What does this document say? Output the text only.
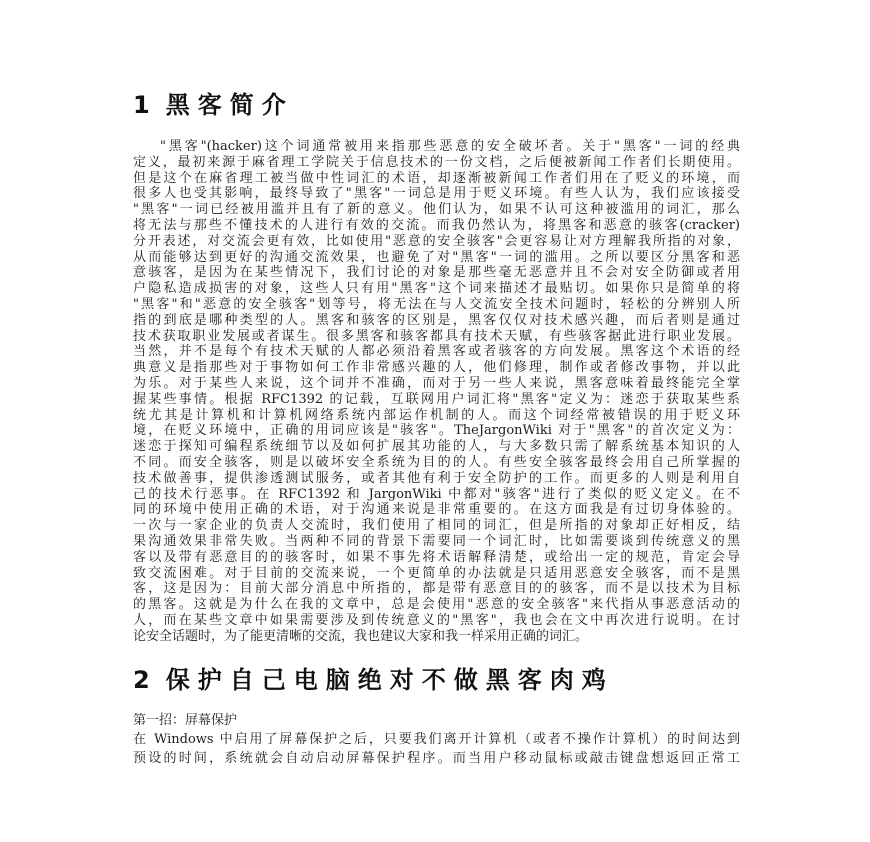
1 黑客简介
"黑客"(hacker)这个词通常被用来指那些恶意的安全破坏者。关于"黑客"一词的经典
定义，最初来源于麻省理工学院关于信息技术的一份文档，之后便被新闻工作者们长期使用。
但是这个在麻省理工被当做中性词汇的术语，却逐渐被新闻工作者们用在了贬义的环境，而
很多人也受其影响，最终导致了"黑客"一词总是用于贬义环境。有些人认为，我们应该接受
"黑客"一词已经被用滥并且有了新的意义。他们认为，如果不认可这种被滥用的词汇，那么
将无法与那些不懂技术的人进行有效的交流。而我仍然认为，将黑客和恶意的骇客(cracker)
分开表述，对交流会更有效，比如使用"恶意的安全骇客"会更容易让对方理解我所指的对象，
从而能够达到更好的沟通交流效果，也避免了对"黑客"一词的滥用。之所以要区分黑客和恶
意骇客，是因为在某些情况下，我们讨论的对象是那些毫无恶意并且不会对安全防御或者用
户隐私造成损害的对象，这些人只有用"黑客"这个词来描述才最贴切。如果你只是简单的将
"黑客"和"恶意的安全骇客"划等号，将无法在与人交流安全技术问题时，轻松的分辨别人所
指的到底是哪种类型的人。黑客和骇客的区别是，黑客仅仅对技术感兴趣，而后者则是通过
技术获取职业发展或者谋生。很多黑客和骇客都具有技术天赋，有些骇客据此进行职业发展。
当然，并不是每个有技术天赋的人都必须沿着黑客或者骇客的方向发展。黑客这个术语的经
典意义是指那些对于事物如何工作非常感兴趣的人，他们修理，制作或者修改事物，并以此
为乐。对于某些人来说，这个词并不准确，而对于另一些人来说，黑客意味着最终能完全掌
握某些事情。根据 RFC1392 的记载，互联网用户词汇将"黑客"定义为：迷恋于获取某些系
统尤其是计算机和计算机网络系统内部运作机制的人。而这个词经常被错误的用于贬义环
境，在贬义环境中，正确的用词应该是"骇客"。TheJargonWiki 对于"黑客"的首次定义为：
迷恋于探知可编程系统细节以及如何扩展其功能的人，与大多数只需了解系统基本知识的人
不同。而安全骇客，则是以破坏安全系统为目的的人。有些安全骇客最终会用自己所掌握的
技术做善事，提供渗透测试服务，或者其他有利于安全防护的工作。而更多的人则是利用自
己的技术行恶事。在 RFC1392 和 JargonWiki 中都对"骇客"进行了类似的贬义定义。在不
同的环境中使用正确的术语，对于沟通来说是非常重要的。在这方面我是有过切身体验的。
一次与一家企业的负责人交流时，我们使用了相同的词汇，但是所指的对象却正好相反，结
果沟通效果非常失败。当两种不同的背景下需要同一个词汇时，比如需要谈到传统意义的黑
客以及带有恶意目的的骇客时，如果不事先将术语解释清楚，或给出一定的规范，肯定会导
致交流困难。对于目前的交流来说，一个更简单的办法就是只适用恶意安全骇客，而不是黑
客，这是因为：目前大部分消息中所指的，都是带有恶意目的的骇客，而不是以技术为目标
的黑客。这就是为什么在我的文章中，总是会使用"恶意的安全骇客"来代指从事恶意活动的
人，而在某些文章中如果需要涉及到传统意义的"黑客"，我也会在文中再次进行说明。在讨
论安全话题时，为了能更清晰的交流，我也建议大家和我一样采用正确的词汇。
2 保护自己电脑绝对不做黑客肉鸡
第一招：屏幕保护
在 Windows 中启用了屏幕保护之后，只要我们离开计算机（或者不操作计算机）的时间达到
预设的时间，系统就会自动启动屏幕保护程序。而当用户移动鼠标或敲击键盘想返回正常工
